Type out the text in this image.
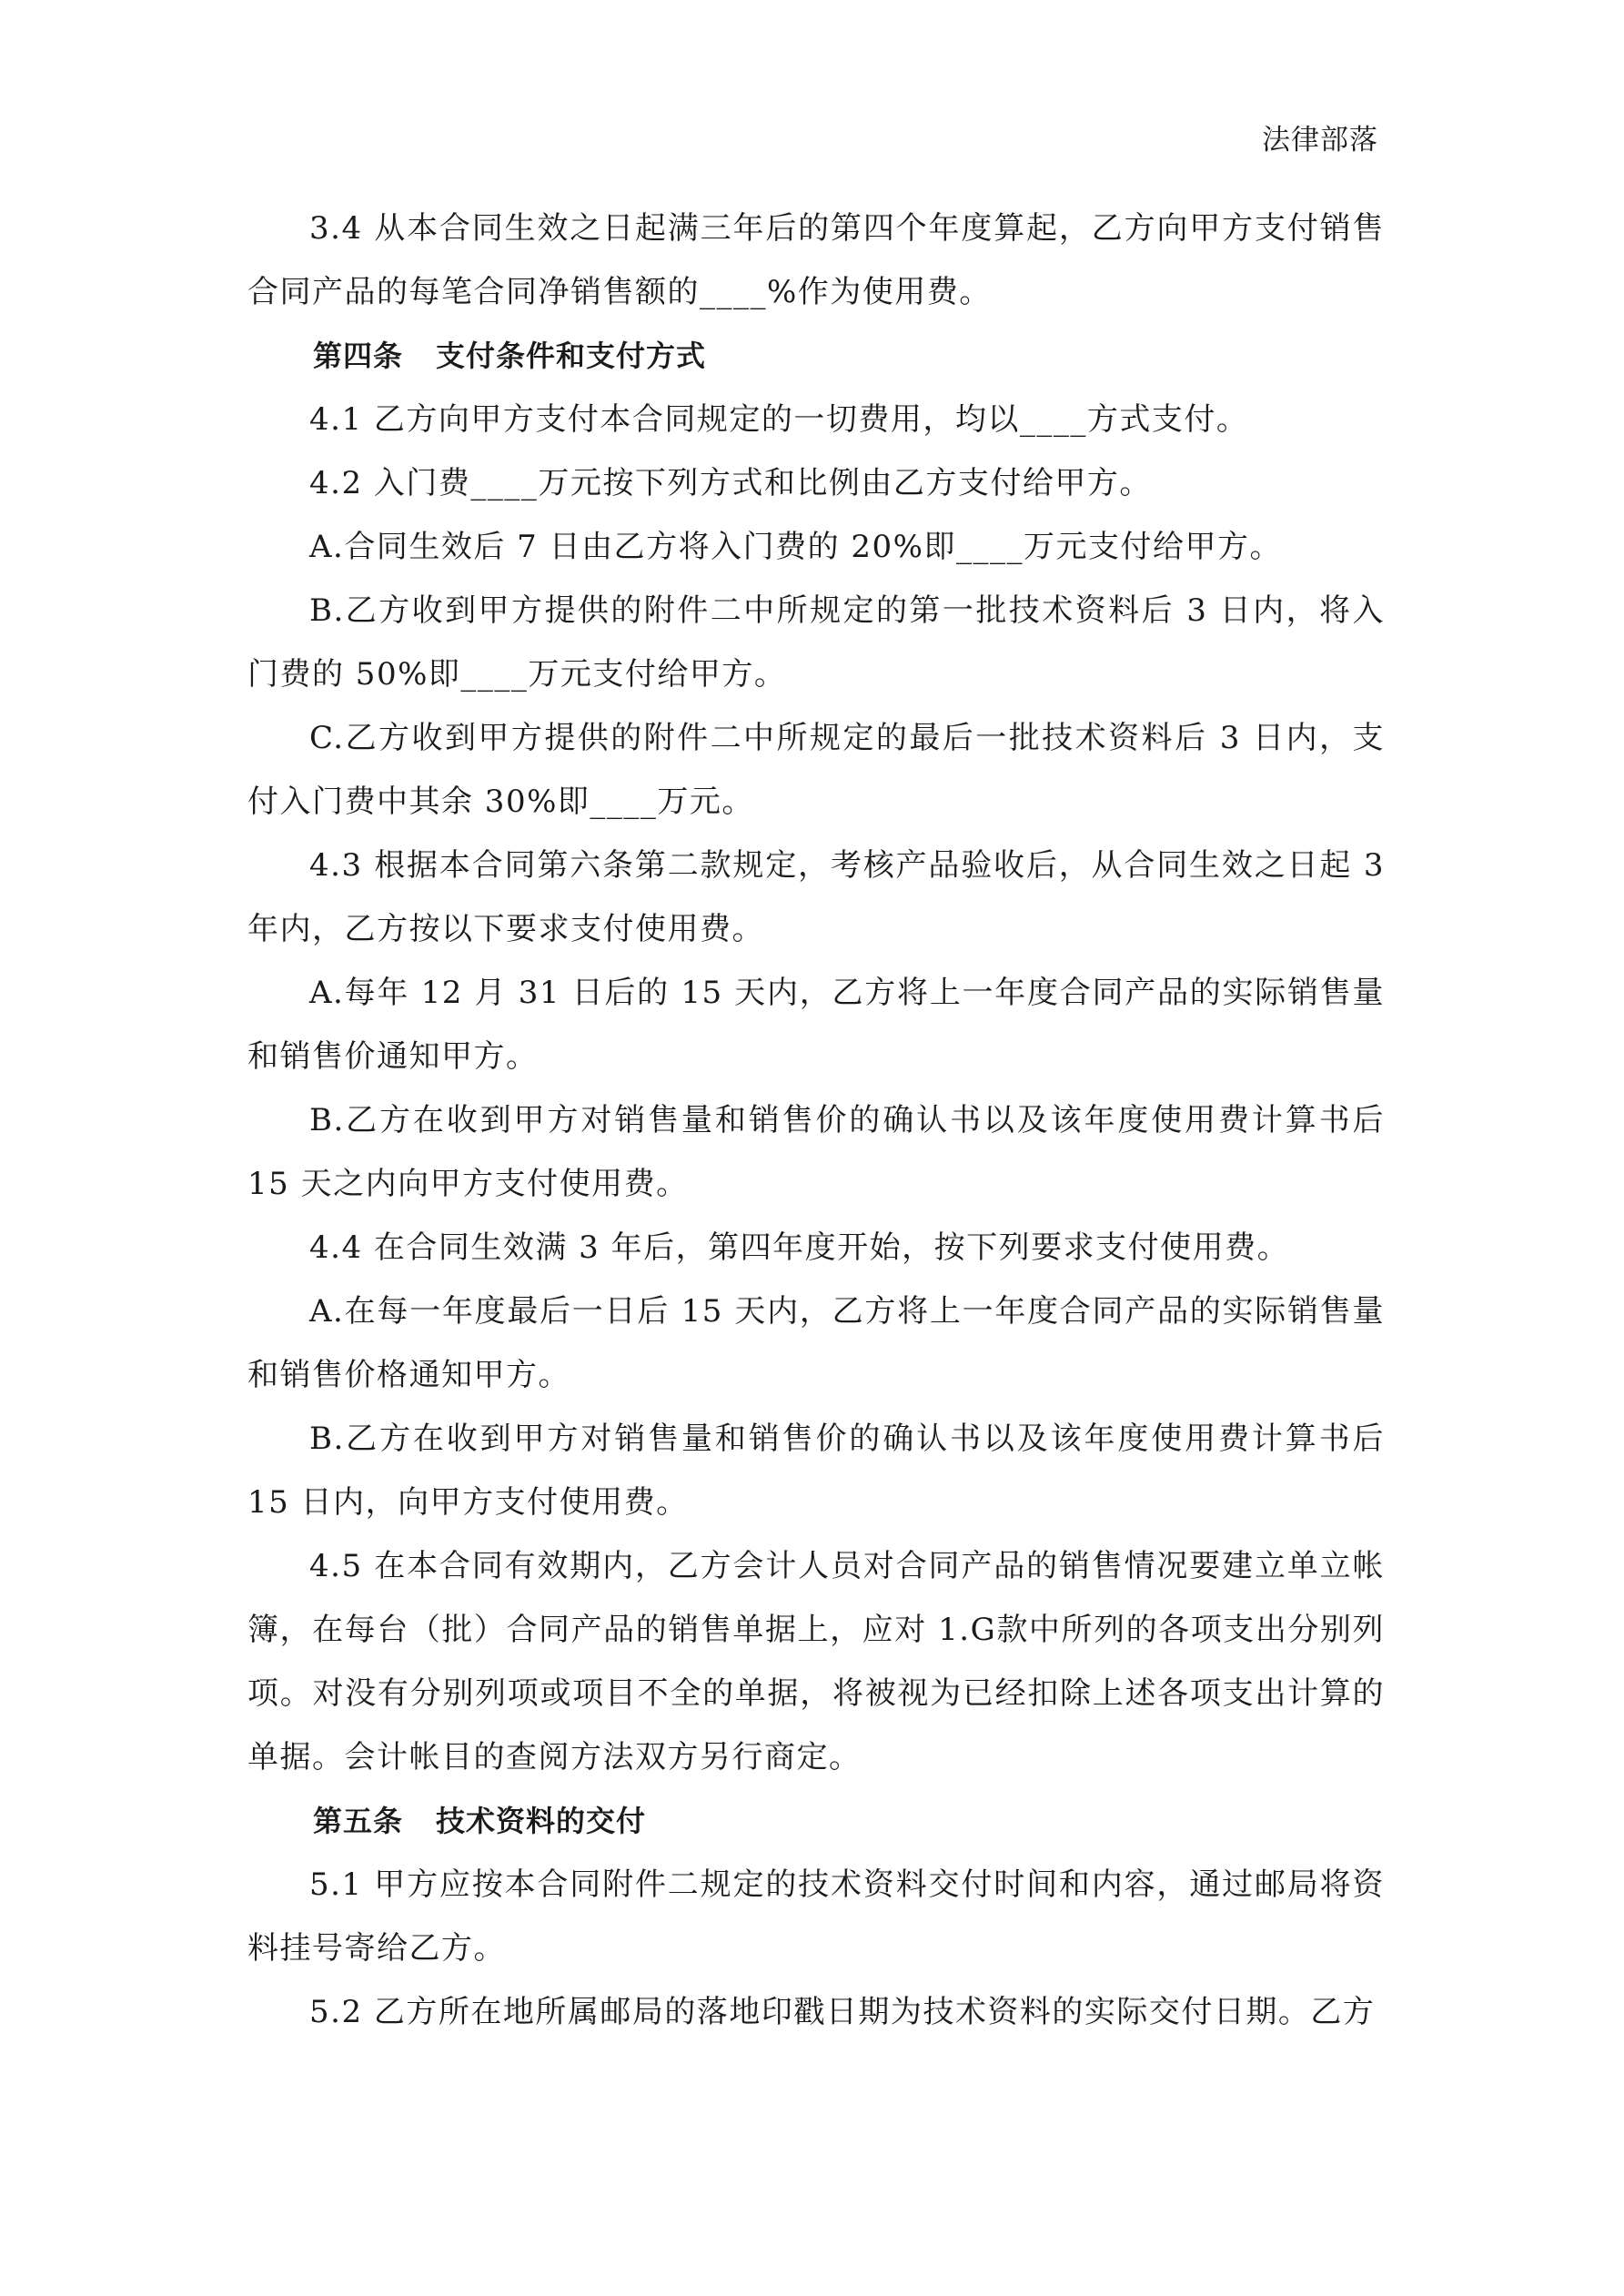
法律部落

3.4 从本合同生效之日起满三年后的第四个年度算起，乙方向甲方支付销售合同产品的每笔合同净销售额的____%作为使用费。

第四条 支付条件和支付方式

4.1 乙方向甲方支付本合同规定的一切费用，均以____方式支付。

4.2 入门费____万元按下列方式和比例由乙方支付给甲方。

A.合同生效后 7 日由乙方将入门费的 20%即____万元支付给甲方。

B.乙方收到甲方提供的附件二中所规定的第一批技术资料后 3 日内，将入门费的 50%即____万元支付给甲方。

C.乙方收到甲方提供的附件二中所规定的最后一批技术资料后 3 日内，支付入门费中其余 30%即____万元。

4.3 根据本合同第六条第二款规定，考核产品验收后，从合同生效之日起 3 年内，乙方按以下要求支付使用费。

A.每年 12 月 31 日后的 15 天内，乙方将上一年度合同产品的实际销售量和销售价通知甲方。

B.乙方在收到甲方对销售量和销售价的确认书以及该年度使用费计算书后 15 天之内向甲方支付使用费。

4.4 在合同生效满 3 年后，第四年度开始，按下列要求支付使用费。

A.在每一年度最后一日后 15 天内，乙方将上一年度合同产品的实际销售量和销售价格通知甲方。

B.乙方在收到甲方对销售量和销售价的确认书以及该年度使用费计算书后 15 日内，向甲方支付使用费。

4.5 在本合同有效期内，乙方会计人员对合同产品的销售情况要建立单立帐簿，在每台（批）合同产品的销售单据上，应对 1.G款中所列的各项支出分别列项。对没有分别列项或项目不全的单据，将被视为已经扣除上述各项支出计算的单据。会计帐目的查阅方法双方另行商定。

第五条 技术资料的交付

5.1 甲方应按本合同附件二规定的技术资料交付时间和内容，通过邮局将资料挂号寄给乙方。

5.2 乙方所在地所属邮局的落地印戳日期为技术资料的实际交付日期。乙方
